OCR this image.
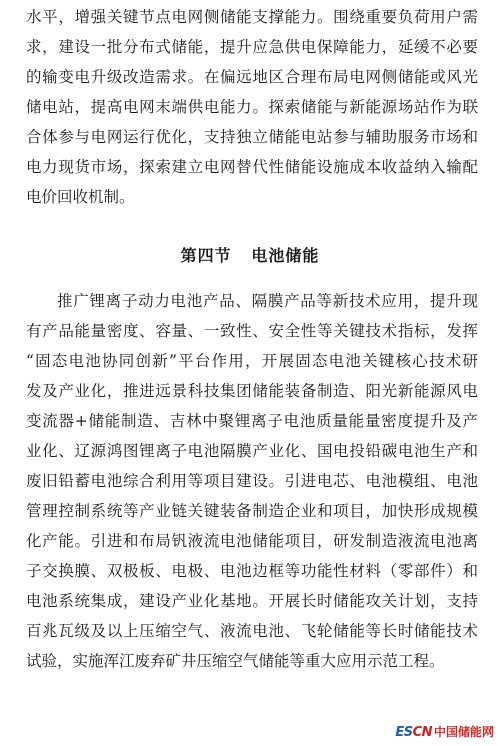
水平，增强关键节点电网侧储能支撑能力。围绕重要负荷用户需
求，建设一批分布式储能，提升应急供电保障能力，延缓不必要
的输变电升级改造需求。在偏远地区合理布局电网侧储能或风光
储电站，提高电网末端供电能力。探索储能与新能源场站作为联
合体参与电网运行优化，支持独立储能电站参与辅助服务市场和
电力现货市场，探索建立电网替代性储能设施成本收益纳入输配
电价回收机制。
第四节   电池储能
推广锂离子动力电池产品、隔膜产品等新技术应用，提升现
有产品能量密度、容量、一致性、安全性等关键技术指标，发挥
“固态电池协同创新”平台作用，开展固态电池关键核心技术研
发及产业化，推进远景科技集团储能装备制造、阳光新能源风电
变流器+储能制造、吉林中聚锂离子电池质量能量密度提升及产
业化、辽源鸿图锂离子电池隔膜产业化、国电投铅碳电池生产和
废旧铅蓄电池综合利用等项目建设。引进电芯、电池模组、电池
管理控制系统等产业链关键装备制造企业和项目，加快形成规模
化产能。引进和布局钒液流电池储能项目，研发制造液流电池离
子交换膜、双极板、电极、电池边框等功能性材料（零部件）和
电池系统集成，建设产业化基地。开展长时储能攻关计划，支持
百兆瓦级及以上压缩空气、液流电池、飞轮储能等长时储能技术
试验，实施浑江废弃矿井压缩空气储能等重大应用示范工程。
ES CN 中国储能网
